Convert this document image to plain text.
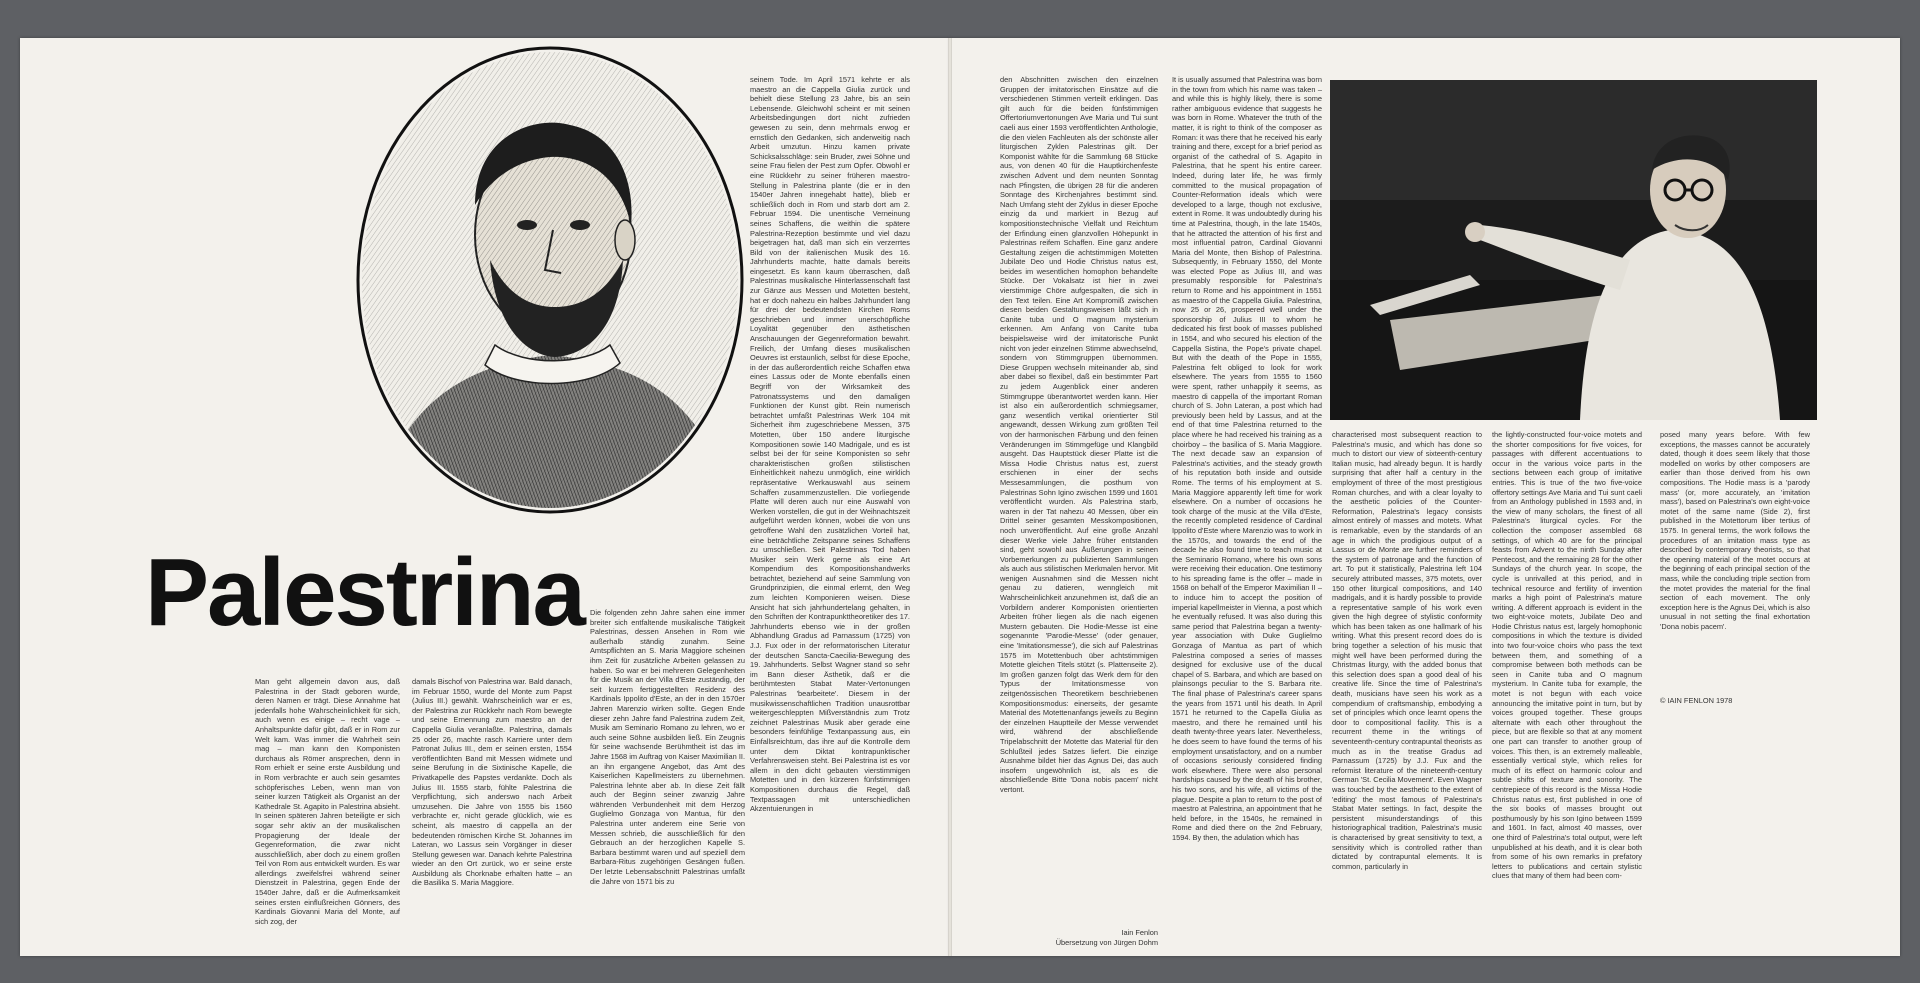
Palestrina
Man geht allgemein davon aus, daß Palestrina in der Stadt geboren wurde, deren Namen er trägt. Diese Annahme hat jedenfalls hohe Wahrscheinlichkeit für sich, auch wenn es einige – recht vage – Anhaltspunkte dafür gibt, daß er in Rom zur Welt kam. Was immer die Wahrheit sein mag – man kann den Komponisten durchaus als Römer ansprechen, denn in Rom erhielt er seine erste Ausbildung und in Rom verbrachte er auch sein gesamtes schöpferisches Leben, wenn man von seiner kurzen Tätigkeit als Organist an der Kathedrale St. Agapito in Palestrina absieht. In seinen späteren Jahren beteiligte er sich sogar sehr aktiv an der musikalischen Propagierung der Ideale der Gegenreformation, die zwar nicht ausschließlich, aber doch zu einem großen Teil von Rom aus entwickelt wurden. Es war allerdings zweifelsfrei während seiner Dienstzeit in Palestrina, gegen Ende der 1540er Jahre, daß er die Aufmerksamkeit seines ersten einflußreichen Gönners, des Kardinals Giovanni Maria del Monte, auf sich zog, der
damals Bischof von Palestrina war. Bald danach, im Februar 1550, wurde del Monte zum Papst (Julius III.) gewählt. Wahrscheinlich war er es, der Palestrina zur Rückkehr nach Rom bewegte und seine Ernennung zum maestro an der Cappella Giulia veranlaßte. Palestrina, damals 25 oder 26, machte rasch Karriere unter dem Patronat Julius III., dem er seinen ersten, 1554 veröffentlichten Band mit Messen widmete und seine Berufung in die Sixtinische Kapelle, die Privatkapelle des Papstes verdankte. Doch als Julius III. 1555 starb, fühlte Palestrina die Verpflichtung, sich anderswo nach Arbeit umzusehen. Die Jahre von 1555 bis 1560 verbrachte er, nicht gerade glücklich, wie es scheint, als maestro di cappella an der bedeutenden römischen Kirche St. Johannes im Lateran, wo Lassus sein Vorgänger in dieser Stellung gewesen war. Danach kehrte Palestrina wieder an den Ort zurück, wo er seine erste Ausbildung als Chorknabe erhalten hatte – an die Basilika S. Maria Maggiore.
seinem Tode. Im April 1571 kehrte er als maestro an die Cappella Giulia zurück und behielt diese Stellung 23 Jahre, bis an sein Lebensende. Gleichwohl scheint er mit seinen Arbeitsbedingungen dort nicht zufrieden gewesen zu sein, denn mehrmals erwog er ernstlich den Gedanken, sich anderweitig nach Arbeit umzutun. Hinzu kamen private Schicksalsschläge: sein Bruder, zwei Söhne und seine Frau fielen der Pest zum Opfer. Obwohl er eine Rückkehr zu seiner früheren maestro-Stellung in Palestrina plante (die er in den 1540er Jahren innegehabt hatte), blieb er schließlich doch in Rom und starb dort am 2. Februar 1594. Die unentische Verneinung seines Schaffens, die weithin die spätere Palestrina-Rezeption bestimmte und viel dazu beigetragen hat, daß man sich ein verzerrtes Bild von der italienischen Musik des 16. Jahrhunderts machte, hatte damals bereits eingesetzt. Es kann kaum überraschen, daß Palestrinas musikalische Hinterlassenschaft fast zur Gänze aus Messen und Motetten besteht, hat er doch nahezu ein halbes Jahrhundert lang für drei der bedeutendsten Kirchen Roms geschrieben und immer unerschöpfliche Loyalität gegenüber den ästhetischen Anschauungen der Gegenreformation bewahrt. Freilich, der Umfang dieses musikalischen Oeuvres ist erstaunlich, selbst für diese Epoche, in der das außerordentlich reiche Schaffen etwa eines Lassus oder de Monte ebenfalls einen Begriff von der Wirksamkeit des Patronatssystems und den damaligen Funktionen der Kunst gibt. Rein numerisch betrachtet umfaßt Palestrinas Werk 104 mit Sicherheit ihm zugeschriebene Messen, 375 Motetten, über 150 andere liturgische Kompositionen sowie 140 Madrigale, und es ist selbst bei der für seine Komponisten so sehr charakteristischen großen stilistischen Einheitlichkeit nahezu unmöglich, eine wirklich repräsentative Werkauswahl aus seinem Schaffen zusammenzustellen. Die vorliegende Platte will deren auch nur eine Auswahl von Werken vorstellen, die gut in der Weihnachtszeit aufgeführt werden können, wobei die von uns getroffene Wahl den zusätzlichen Vorteil hat, eine beträchtliche Zeitspanne seines Schaffens zu umschließen. Seit Palestrinas Tod haben Musiker sein Werk gerne als eine Art Kompendium des Kompositionshandwerks betrachtet, beziehend auf seine Sammlung von Grundprinzipien, die einmal erlernt, den Weg zum leichten Komponieren weisen. Diese Ansicht hat sich jahrhundertelang gehalten, in den Schriften der Kontrapunkttheoretiker des 17. Jahrhunderts ebenso wie in der großen Abhandlung Gradus ad Parnassum (1725) von J.J. Fux oder in der reformatorischen Literatur der deutschen Sancta-Caecilia-Bewegung des 19. Jahrhunderts. Selbst Wagner stand so sehr im Bann dieser Ästhetik, daß er die berühmtesten Stabat Mater-Vertonungen Palestrinas 'bearbeitete'. Diesem in der musikwissenschaftlichen Tradition unausrottbar weitergeschleppten Mißverständnis zum Trotz zeichnet Palestrinas Musik aber gerade eine besonders feinfühlige Textanpassung aus, ein Einfallsreichtum, das ihre auf die Kontrolle dem unter dem Diktat kontrapunktischer Verfahrensweisen steht. Bei Palestrina ist es vor allem in den dicht gebauten vierstimmigen Motetten und in den kürzeren fünfstimmigen Kompositionen durchaus die Regel, daß Textpassagen mit unterschiedlichen Akzentuierungen in
Die folgenden zehn Jahre sahen eine immer breiter sich entfaltende musikalische Tätigkeit Palestrinas, dessen Ansehen in Rom wie außerhalb ständig zunahm. Seine Amtspflichten an S. Maria Maggiore scheinen ihm Zeit für zusätzliche Arbeiten gelassen zu haben. So war er bei mehreren Gelegenheiten für die Musik an der Villa d'Este zuständig, der seit kurzem fertiggestellten Residenz des Kardinals Ippolito d'Este, an der in den 1570er Jahren Marenzio wirken sollte. Gegen Ende dieser zehn Jahre fand Palestrina zudem Zeit, Musik am Seminario Romano zu lehren, wo er auch seine Söhne ausbilden ließ. Ein Zeugnis für seine wachsende Berühmtheit ist das im Jahre 1568 im Auftrag von Kaiser Maximilian II. an ihn ergangene Angebot, das Amt des Kaiserlichen Kapellmeisters zu übernehmen. Palestrina lehnte aber ab. In diese Zeit fällt auch der Beginn seiner zwanzig Jahre währenden Verbundenheit mit dem Herzog Guglielmo Gonzaga von Mantua, für den Palestrina unter anderem eine Serie von Messen schrieb, die ausschließlich für den Gebrauch an der herzoglichen Kapelle S. Barbara bestimmt waren und auf speziell dem Barbara-Ritus zugehörigen Gesängen fußen. Der letzte Lebensabschnitt Palestrinas umfaßt die Jahre von 1571 bis zu
den Abschnitten zwischen den einzelnen Gruppen der imitatorischen Einsätze auf die verschiedenen Stimmen verteilt erklingen. Das gilt auch für die beiden fünfstimmigen Offertoriumvertonungen Ave Maria und Tui sunt caeli aus einer 1593 veröffentlichten Anthologie, die den vielen Fachleuten als der schönste aller liturgischen Zyklen Palestrinas gilt. Der Komponist wählte für die Sammlung 68 Stücke aus, von denen 40 für die Hauptkirchenfeste zwischen Advent und dem neunten Sonntag nach Pfingsten, die übrigen 28 für die anderen Sonntage des Kirchenjahres bestimmt sind. Nach Umfang steht der Zyklus in dieser Epoche einzig da und markiert in Bezug auf kompositionstechnische Vielfalt und Reichtum der Erfindung einen glanzvollen Höhepunkt in Palestrinas reifem Schaffen. Eine ganz andere Gestaltung zeigen die achtstimmigen Motetten Jubilate Deo und Hodie Christus natus est, beides im wesentlichen homophon behandelte Stücke. Der Vokalsatz ist hier in zwei vierstimmige Chöre aufgespalten, die sich in den Text teilen. Eine Art Kompromiß zwischen diesen beiden Gestaltungsweisen läßt sich in Canite tuba und O magnum mysterium erkennen. Am Anfang von Canite tuba beispielsweise wird der imitatorische Punkt nicht von jeder einzelnen Stimme abwechselnd, sondern von Stimmgruppen übernommen. Diese Gruppen wechseln miteinander ab, sind aber dabei so flexibel, daß ein bestimmter Part zu jedem Augenblick einer anderen Stimmgruppe überantwortet werden kann. Hier ist also ein außerordentlich schmiegsamer, ganz wesentlich vertikal orientierter Stil angewandt, dessen Wirkung zum größten Teil von der harmonischen Färbung und den feinen Veränderungen im Stimmgefüge und Klangbild ausgeht. Das Hauptstück dieser Platte ist die Missa Hodie Christus natus est, zuerst erschienen in einer der sechs Messesammlungen, die posthum von Palestrinas Sohn Igino zwischen 1599 und 1601 veröffentlicht wurden. Als Palestrina starb, waren in der Tat nahezu 40 Messen, über ein Drittel seiner gesamten Messkompositionen, noch unveröffentlicht. Auf eine große Anzahl dieser Werke viele Jahre früher entstanden sind, geht sowohl aus Äußerungen in seinen Vorbemerkungen zu publizierten Sammlungen als auch aus stilistischen Merkmalen hervor. Mit wenigen Ausnahmen sind die Messen nicht genau zu datieren, wenngleich mit Wahrscheinlichkeit anzunehmen ist, daß die an Vorbildern anderer Komponisten orientierten Arbeiten früher liegen als die nach eigenen Mustern gebauten. Die Hodie-Messe ist eine sogenannte 'Parodie-Messe' (oder genauer, eine 'Imitationsmesse'), die sich auf Palestrinas 1575 im Motettenbuch über achtstimmigen Motette gleichen Titels stützt (s. Plattenseite 2). Im großen ganzen folgt das Werk dem für den Typus der Imitationsmesse von zeitgenössischen Theoretikern beschriebenen Kompositionsmodus: einerseits, der gesamte Material des Motettenanfangs jeweils zu Beginn der einzelnen Hauptteile der Messe verwendet wird, während der abschließende Tripelabschnitt der Motette das Material für den Schlußteil jedes Satzes liefert. Die einzige Ausnahme bildet hier das Agnus Dei, das auch insofern ungewöhnlich ist, als es die abschließende Bitte 'Dona nobis pacem' nicht vertont.
Iain Fenlon
Übersetzung von Jürgen Dohm
It is usually assumed that Palestrina was born in the town from which his name was taken – and while this is highly likely, there is some rather ambiguous evidence that suggests he was born in Rome. Whatever the truth of the matter, it is right to think of the composer as Roman: it was there that he received his early training and there, except for a brief period as organist of the cathedral of S. Agapito in Palestrina, that he spent his entire career. Indeed, during later life, he was firmly committed to the musical propagation of Counter-Reformation ideals which were developed to a large, though not exclusive, extent in Rome. It was undoubtedly during his time at Palestrina, though, in the late 1540s, that he attracted the attention of his first and most influential patron, Cardinal Giovanni Maria del Monte, then Bishop of Palestrina. Subsequently, in February 1550, del Monte was elected Pope as Julius III, and was presumably responsible for Palestrina's return to Rome and his appointment in 1551 as maestro of the Cappella Giulia. Palestrina, now 25 or 26, prospered well under the sponsorship of Julius III to whom he dedicated his first book of masses published in 1554, and who secured his election of the Cappella Sistina, the Pope's private chapel. But with the death of the Pope in 1555, Palestrina felt obliged to look for work elsewhere. The years from 1555 to 1560 were spent, rather unhappily it seems, as maestro di cappella of the important Roman church of S. John Lateran, a post which had previously been held by Lassus, and at the end of that time Palestrina returned to the place where he had received his training as a choirboy – the basilica of S. Maria Maggiore. The next decade saw an expansion of Palestrina's activities, and the steady growth of his reputation both inside and outside Rome. The terms of his employment at S. Maria Maggiore apparently left time for work elsewhere. On a number of occasions he took charge of the music at the Villa d'Este, the recently completed residence of Cardinal Ippolito d'Este where Marenzio was to work in the 1570s, and towards the end of the decade he also found time to teach music at the Seminario Romano, where his own sons were receiving their education. One testimony to his spreading fame is the offer – made in 1568 on behalf of the Emperor Maximilian II – to induce him to accept the position of imperial kapellmeister in Vienna, a post which he eventually refused. It was also during this same period that Palestrina began a twenty-year association with Duke Guglielmo Gonzaga of Mantua as part of which Palestrina composed a series of masses designed for exclusive use of the ducal chapel of S. Barbara, and which are based on plainsongs peculiar to the S. Barbara rite. The final phase of Palestrina's career spans the years from 1571 until his death. In April 1571 he returned to the Capella Giulia as maestro, and there he remained until his death twenty-three years later. Nevertheless, he does seem to have found the terms of his employment unsatisfactory, and on a number of occasions seriously considered finding work elsewhere. There were also personal hardships caused by the death of his brother, his two sons, and his wife, all victims of the plague. Despite a plan to return to the post of maestro at Palestrina, an appointment that he held before, in the 1540s, he remained in Rome and died there on the 2nd February, 1594. By then, the adulation which has
characterised most subsequent reaction to Palestrina's music, and which has done so much to distort our view of sixteenth-century Italian music, had already begun. It is hardly surprising that after half a century in the employment of three of the most prestigious Roman churches, and with a clear loyalty to the aesthetic policies of the Counter-Reformation, Palestrina's legacy consists almost entirely of masses and motets. What is remarkable, even by the standards of an age in which the prodigious output of a Lassus or de Monte are further reminders of the system of patronage and the function of art. To put it statistically, Palestrina left 104 securely attributed masses, 375 motets, over 150 other liturgical compositions, and 140 madrigals, and it is hardly possible to provide a representative sample of his work even given the high degree of stylistic conformity which has been taken as one hallmark of his writing. What this present record does do is bring together a selection of his music that might well have been performed during the Christmas liturgy, with the added bonus that this selection does span a good deal of his creative life. Since the time of Palestrina's death, musicians have seen his work as a compendium of craftsmanship, embodying a set of principles which once learnt opens the door to compositional facility. This is a recurrent theme in the writings of seventeenth-century contrapuntal theorists as much as in the treatise Gradus ad Parnassum (1725) by J.J. Fux and the reformist literature of the nineteenth-century German 'St. Cecilia Movement'. Even Wagner was touched by the aesthetic to the extent of 'editing' the most famous of Palestrina's Stabat Mater settings. In fact, despite the persistent misunderstandings of this historiographical tradition, Palestrina's music is characterised by great sensitivity to text, a sensitivity which is controlled rather than dictated by contrapuntal elements. It is common, particularly in
the lightly-constructed four-voice motets and the shorter compositions for five voices, for passages with different accentuations to occur in the various voice parts in the sections between each group of imitative entries. This is true of the two five-voice offertory settings Ave Maria and Tui sunt caeli from an Anthology published in 1593 and, in the view of many scholars, the finest of all Palestrina's liturgical cycles. For the collection the composer assembled 68 settings, of which 40 are for the principal feasts from Advent to the ninth Sunday after Pentecost, and the remaining 28 for the other Sundays of the church year. In scope, the cycle is unrivalled at this period, and in technical resource and fertility of invention marks a high point of Palestrina's mature writing. A different approach is evident in the two eight-voice motets, Jubilate Deo and Hodie Christus natus est, largely homophonic compositions in which the texture is divided into two four-voice choirs who pass the text between them, and something of a compromise between both methods can be seen in Canite tuba and O magnum mysterium. In Canite tuba for example, the motet is not begun with each voice announcing the imitative point in turn, but by voices grouped together. These groups alternate with each other throughout the piece, but are flexible so that at any moment one part can transfer to another group of voices. This then, is an extremely malleable, essentially vertical style, which relies for much of its effect on harmonic colour and subtle shifts of texture and sonority. The centrepiece of this record is the Missa Hodie Christus natus est, first published in one of the six books of masses brought out posthumously by his son Igino between 1599 and 1601. In fact, almost 40 masses, over one third of Palestrina's total output, were left unpublished at his death, and it is clear both from some of his own remarks in prefatory letters to publications and certain stylistic clues that many of them had been com-
posed many years before. With few exceptions, the masses cannot be accurately dated, though it does seem likely that those modelled on works by other composers are earlier than those derived from his own compositions. The Hodie mass is a 'parody mass' (or, more accurately, an 'imitation mass'), based on Palestrina's own eight-voice motet of the same name (Side 2), first published in the Motettorum liber tertius of 1575. In general terms, the work follows the procedures of an imitation mass type as described by contemporary theorists, so that the opening material of the motet occurs at the beginning of each principal section of the mass, while the concluding triple section from the motet provides the material for the final section of each movement. The only exception here is the Agnus Dei, which is also unusual in not setting the final exhortation 'Dona nobis pacem'.
© IAIN FENLON 1978
